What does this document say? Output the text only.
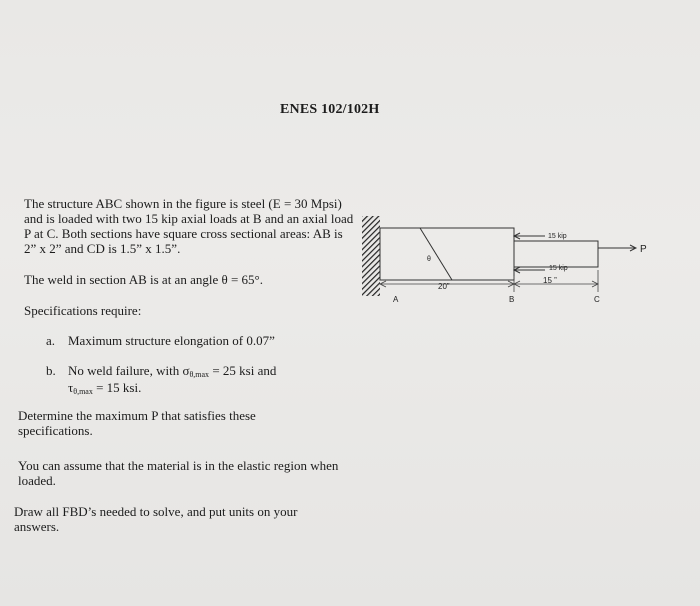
ENES 102/102H
The structure ABC shown in the figure is steel (E = 30 Mpsi) and is loaded with two 15 kip axial loads at B and an axial load P at C. Both sections have square cross sectional areas: AB is 2” x 2” and CD is 1.5” x 1.5”.
The weld in section AB is at an angle θ = 65°.
Specifications require:
a. Maximum structure elongation of 0.07”
b. No weld failure, with $\sigma_{\theta,max} = 25$ ksi and
$\tau_{\theta,max} = 15$ ksi.
Determine the maximum P that satisfies these specifications.
You can assume that the material is in the elastic region when loaded.
Draw all FBD’s needed to solve, and put units on your answers.
15 kip
15 kip
P
θ
20”
15 ”
A	B	C
